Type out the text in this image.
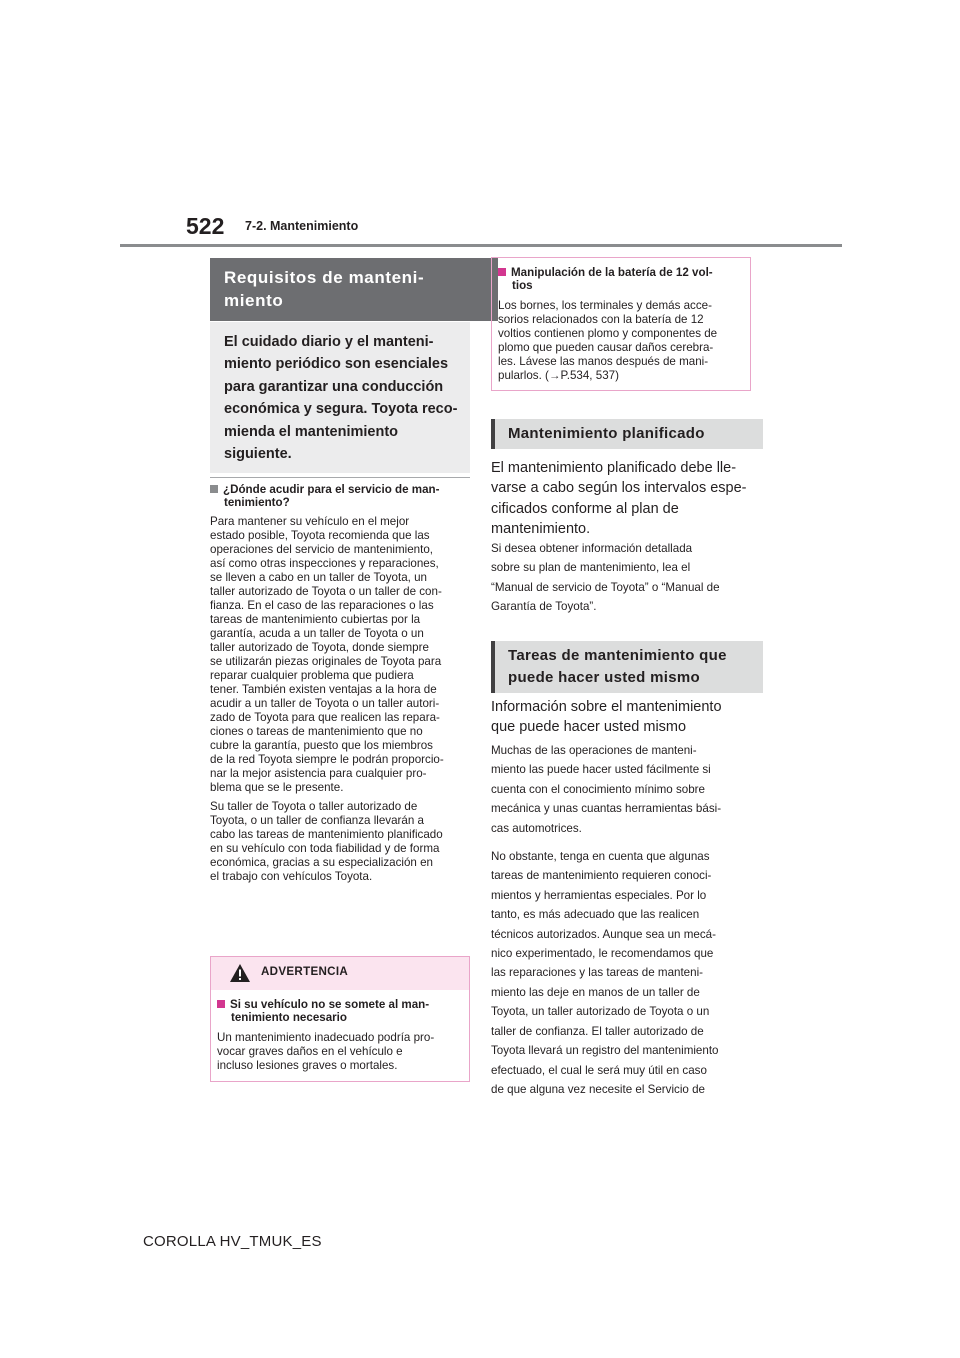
522 7-2. Mantenimiento
Requisitos de manteni-
miento
El cuidado diario y el manteni-
miento periódico son esenciales
para garantizar una conducción
económica y segura. Toyota reco-
mienda el mantenimiento
siguiente.
¿Dónde acudir para el servicio de man-
tenimiento?

Para mantener su vehículo en el mejor
estado posible, Toyota recomienda que las
operaciones del servicio de mantenimiento,
así como otras inspecciones y reparaciones,
se lleven a cabo en un taller de Toyota, un
taller autorizado de Toyota o un taller de con-
fianza. En el caso de las reparaciones o las
tareas de mantenimiento cubiertas por la
garantía, acuda a un taller de Toyota o un
taller autorizado de Toyota, donde siempre
se utilizarán piezas originales de Toyota para
reparar cualquier problema que pudiera
tener. También existen ventajas a la hora de
acudir a un taller de Toyota o un taller autori-
zado de Toyota para que realicen las repara-
ciones o tareas de mantenimiento que no
cubre la garantía, puesto que los miembros
de la red Toyota siempre le podrán proporcio-
nar la mejor asistencia para cualquier pro-
blema que se le presente.

Su taller de Toyota o taller autorizado de
Toyota, o un taller de confianza llevarán a
cabo las tareas de mantenimiento planificado
en su vehículo con toda fiabilidad y de forma
económica, gracias a su especialización en
el trabajo con vehículos Toyota.

ADVERTENCIA
Si su vehículo no se somete al man-
tenimiento necesario
Un mantenimiento inadecuado podría pro-
vocar graves daños en el vehículo e
incluso lesiones graves o mortales.
Manipulación de la batería de 12 vol-
tios
Los bornes, los terminales y demás acce-
sorios relacionados con la batería de 12
voltios contienen plomo y componentes de
plomo que pueden causar daños cerebra-
les. Lávese las manos después de mani-
pularlos. (→P.534, 537)
Mantenimiento planificado
El mantenimiento planificado debe lle-
varse a cabo según los intervalos espe-
cificados conforme al plan de
mantenimiento.
Si desea obtener información detallada
sobre su plan de mantenimiento, lea el
“Manual de servicio de Toyota” o “Manual de
Garantía de Toyota”.
Tareas de mantenimiento que
puede hacer usted mismo
Información sobre el mantenimiento
que puede hacer usted mismo

Muchas de las operaciones de manteni-
miento las puede hacer usted fácilmente si
cuenta con el conocimiento mínimo sobre
mecánica y unas cuantas herramientas bási-
cas automotrices.

No obstante, tenga en cuenta que algunas
tareas de mantenimiento requieren conoci-
mientos y herramientas especiales. Por lo
tanto, es más adecuado que las realicen
técnicos autorizados. Aunque sea un mecá-
nico experimentado, le recomendamos que
las reparaciones y las tareas de manteni-
miento las deje en manos de un taller de
Toyota, un taller autorizado de Toyota o un
taller de confianza. El taller autorizado de
Toyota llevará un registro del mantenimiento
efectuado, el cual le será muy útil en caso
de que alguna vez necesite el Servicio de

COROLLA HV_TMUK_ES
